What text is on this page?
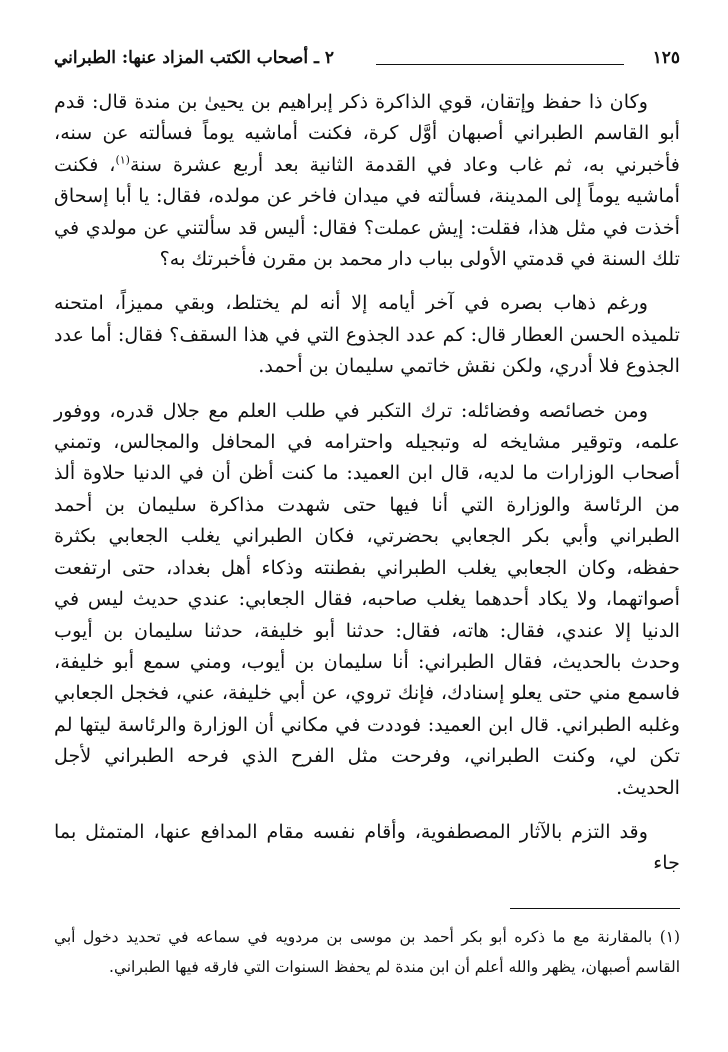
١٢٥
٢ ـ أصحاب الكتب المزاد عنها: الطبراني

وكان ذا حفظ وإتقان، قوي الذاكرة ذكر إبراهيم بن يحيىٰ بن مندة قال: قدم أبو القاسم الطبراني أصبهان أوَّل كرة، فكنت أماشيه يوماً فسألته عن سنه، فأخبرني به، ثم غاب وعاد في القدمة الثانية بعد أربع عشرة سنة$^{(١)}$، فكنت أماشيه يوماً إلى المدينة، فسألته في ميدان فاخر عن مولده، فقال: يا أبا إسحاق أخذت في مثل هذا، فقلت: إيش عملت؟ فقال: أليس قد سألتني عن مولدي في تلك السنة في قدمتي الأولى بباب دار محمد بن مقرن فأخبرتك به؟

ورغم ذهاب بصره في آخر أيامه إلا أنه لم يختلط، وبقي مميزاً، امتحنه تلميذه الحسن العطار قال: كم عدد الجذوع التي في هذا السقف؟ فقال: أما عدد الجذوع فلا أدري، ولكن نقش خاتمي سليمان بن أحمد.

ومن خصائصه وفضائله: ترك التكبر في طلب العلم مع جلال قدره، ووفور علمه، وتوقير مشايخه له وتبجيله واحترامه في المحافل والمجالس، وتمني أصحاب الوزارات ما لديه، قال ابن العميد: ما كنت أظن أن في الدنيا حلاوة ألذ من الرئاسة والوزارة التي أنا فيها حتى شهدت مذاكرة سليمان بن أحمد الطبراني وأبي بكر الجعابي بحضرتي، فكان الطبراني يغلب الجعابي بكثرة حفظه، وكان الجعابي يغلب الطبراني بفطنته وذكاء أهل بغداد، حتى ارتفعت أصواتهما، ولا يكاد أحدهما يغلب صاحبه، فقال الجعابي: عندي حديث ليس في الدنيا إلا عندي، فقال: هاته، فقال: حدثنا أبو خليفة، حدثنا سليمان بن أيوب وحدث بالحديث، فقال الطبراني: أنا سليمان بن أيوب، ومني سمع أبو خليفة، فاسمع مني حتى يعلو إسنادك، فإنك تروي، عن أبي خليفة، عني، فخجل الجعابي وغلبه الطبراني. قال ابن العميد: فوددت في مكاني أن الوزارة والرئاسة ليتها لم تكن لي، وكنت الطبراني، وفرحت مثل الفرح الذي فرحه الطبراني لأجل الحديث.

وقد التزم بالآثار المصطفوية، وأقام نفسه مقام المدافع عنها، المتمثل بما جاء

(١) بالمقارنة مع ما ذكره أبو بكر أحمد بن موسى بن مردويه في سماعه في تحديد دخول أبي القاسم أصبهان، يظهر والله أعلم أن ابن مندة لم يحفظ السنوات التي فارقه فيها الطبراني.
